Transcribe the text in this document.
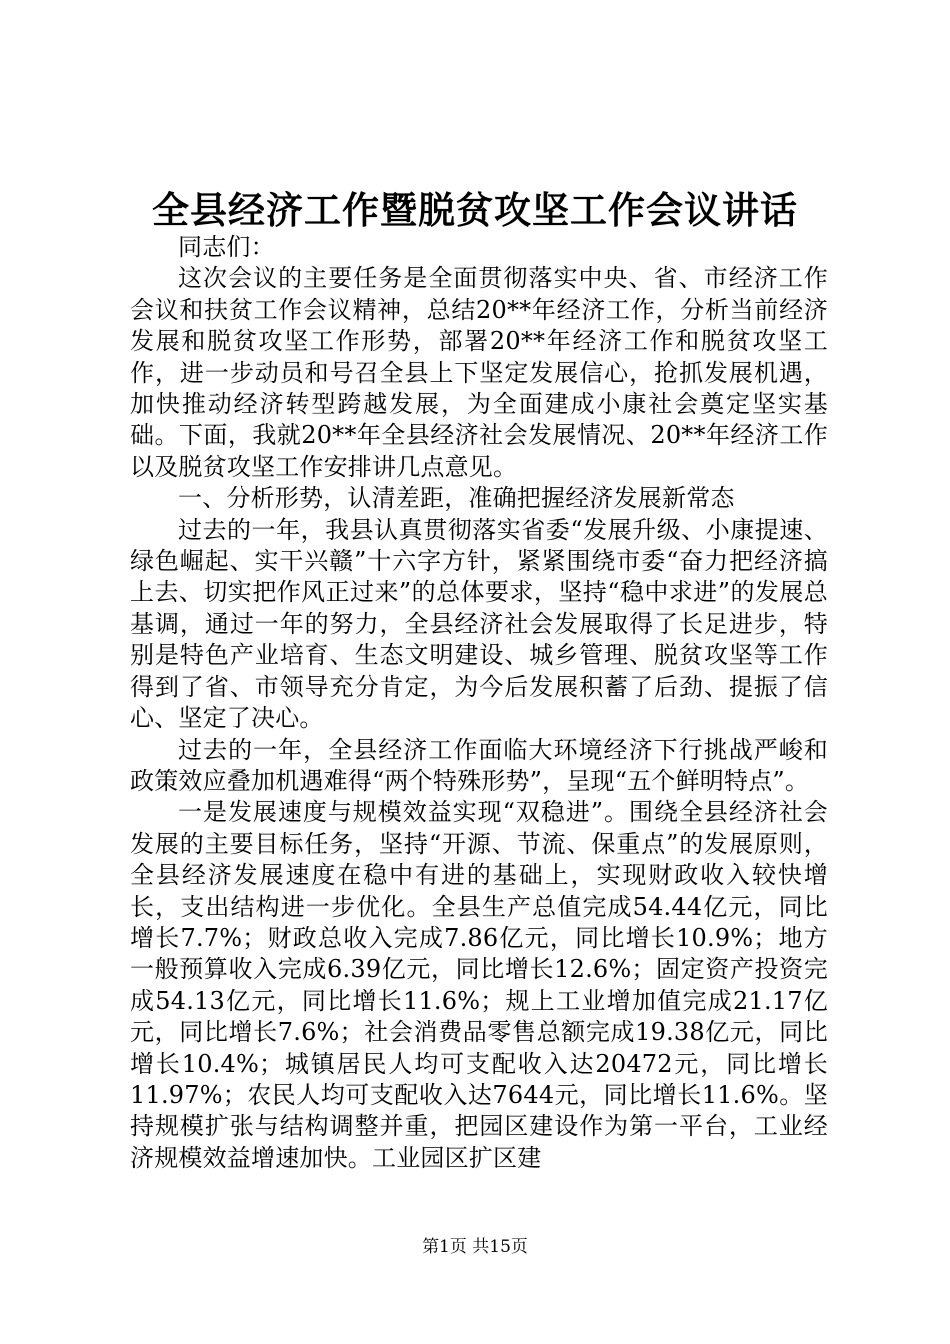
全县经济工作暨脱贫攻坚工作会议讲话

同志们：

这次会议的主要任务是全面贯彻落实中央、省、市经济工作会议和扶贫工作会议精神，总结20**年经济工作，分析当前经济发展和脱贫攻坚工作形势，部署20**年经济工作和脱贫攻坚工作，进一步动员和号召全县上下坚定发展信心，抢抓发展机遇，加快推动经济转型跨越发展，为全面建成小康社会奠定坚实基础。下面，我就20**年全县经济社会发展情况、20**年经济工作以及脱贫攻坚工作安排讲几点意见。

一、分析形势，认清差距，准确把握经济发展新常态

过去的一年，我县认真贯彻落实省委“发展升级、小康提速、绿色崛起、实干兴赣”十六字方针，紧紧围绕市委“奋力把经济搞上去、切实把作风正过来”的总体要求，坚持“稳中求进”的发展总基调，通过一年的努力，全县经济社会发展取得了长足进步，特别是特色产业培育、生态文明建设、城乡管理、脱贫攻坚等工作得到了省、市领导充分肯定，为今后发展积蓄了后劲、提振了信心、坚定了决心。

过去的一年，全县经济工作面临大环境经济下行挑战严峻和政策效应叠加机遇难得“两个特殊形势”，呈现“五个鲜明特点”。

一是发展速度与规模效益实现“双稳进”。围绕全县经济社会发展的主要目标任务，坚持“开源、节流、保重点”的发展原则，全县经济发展速度在稳中有进的基础上，实现财政收入较快增长，支出结构进一步优化。全县生产总值完成54.44亿元，同比增长7.7%；财政总收入完成7.86亿元，同比增长10.9%；地方一般预算收入完成6.39亿元，同比增长12.6%；固定资产投资完成54.13亿元，同比增长11.6%；规上工业增加值完成21.17亿元，同比增长7.6%；社会消费品零售总额完成19.38亿元，同比增长10.4%；城镇居民人均可支配收入达20472元，同比增长11.97%；农民人均可支配收入达7644元，同比增长11.6%。坚持规模扩张与结构调整并重，把园区建设作为第一平台，工业经济规模效益增速加快。工业园区扩区建

第1页 共15页
